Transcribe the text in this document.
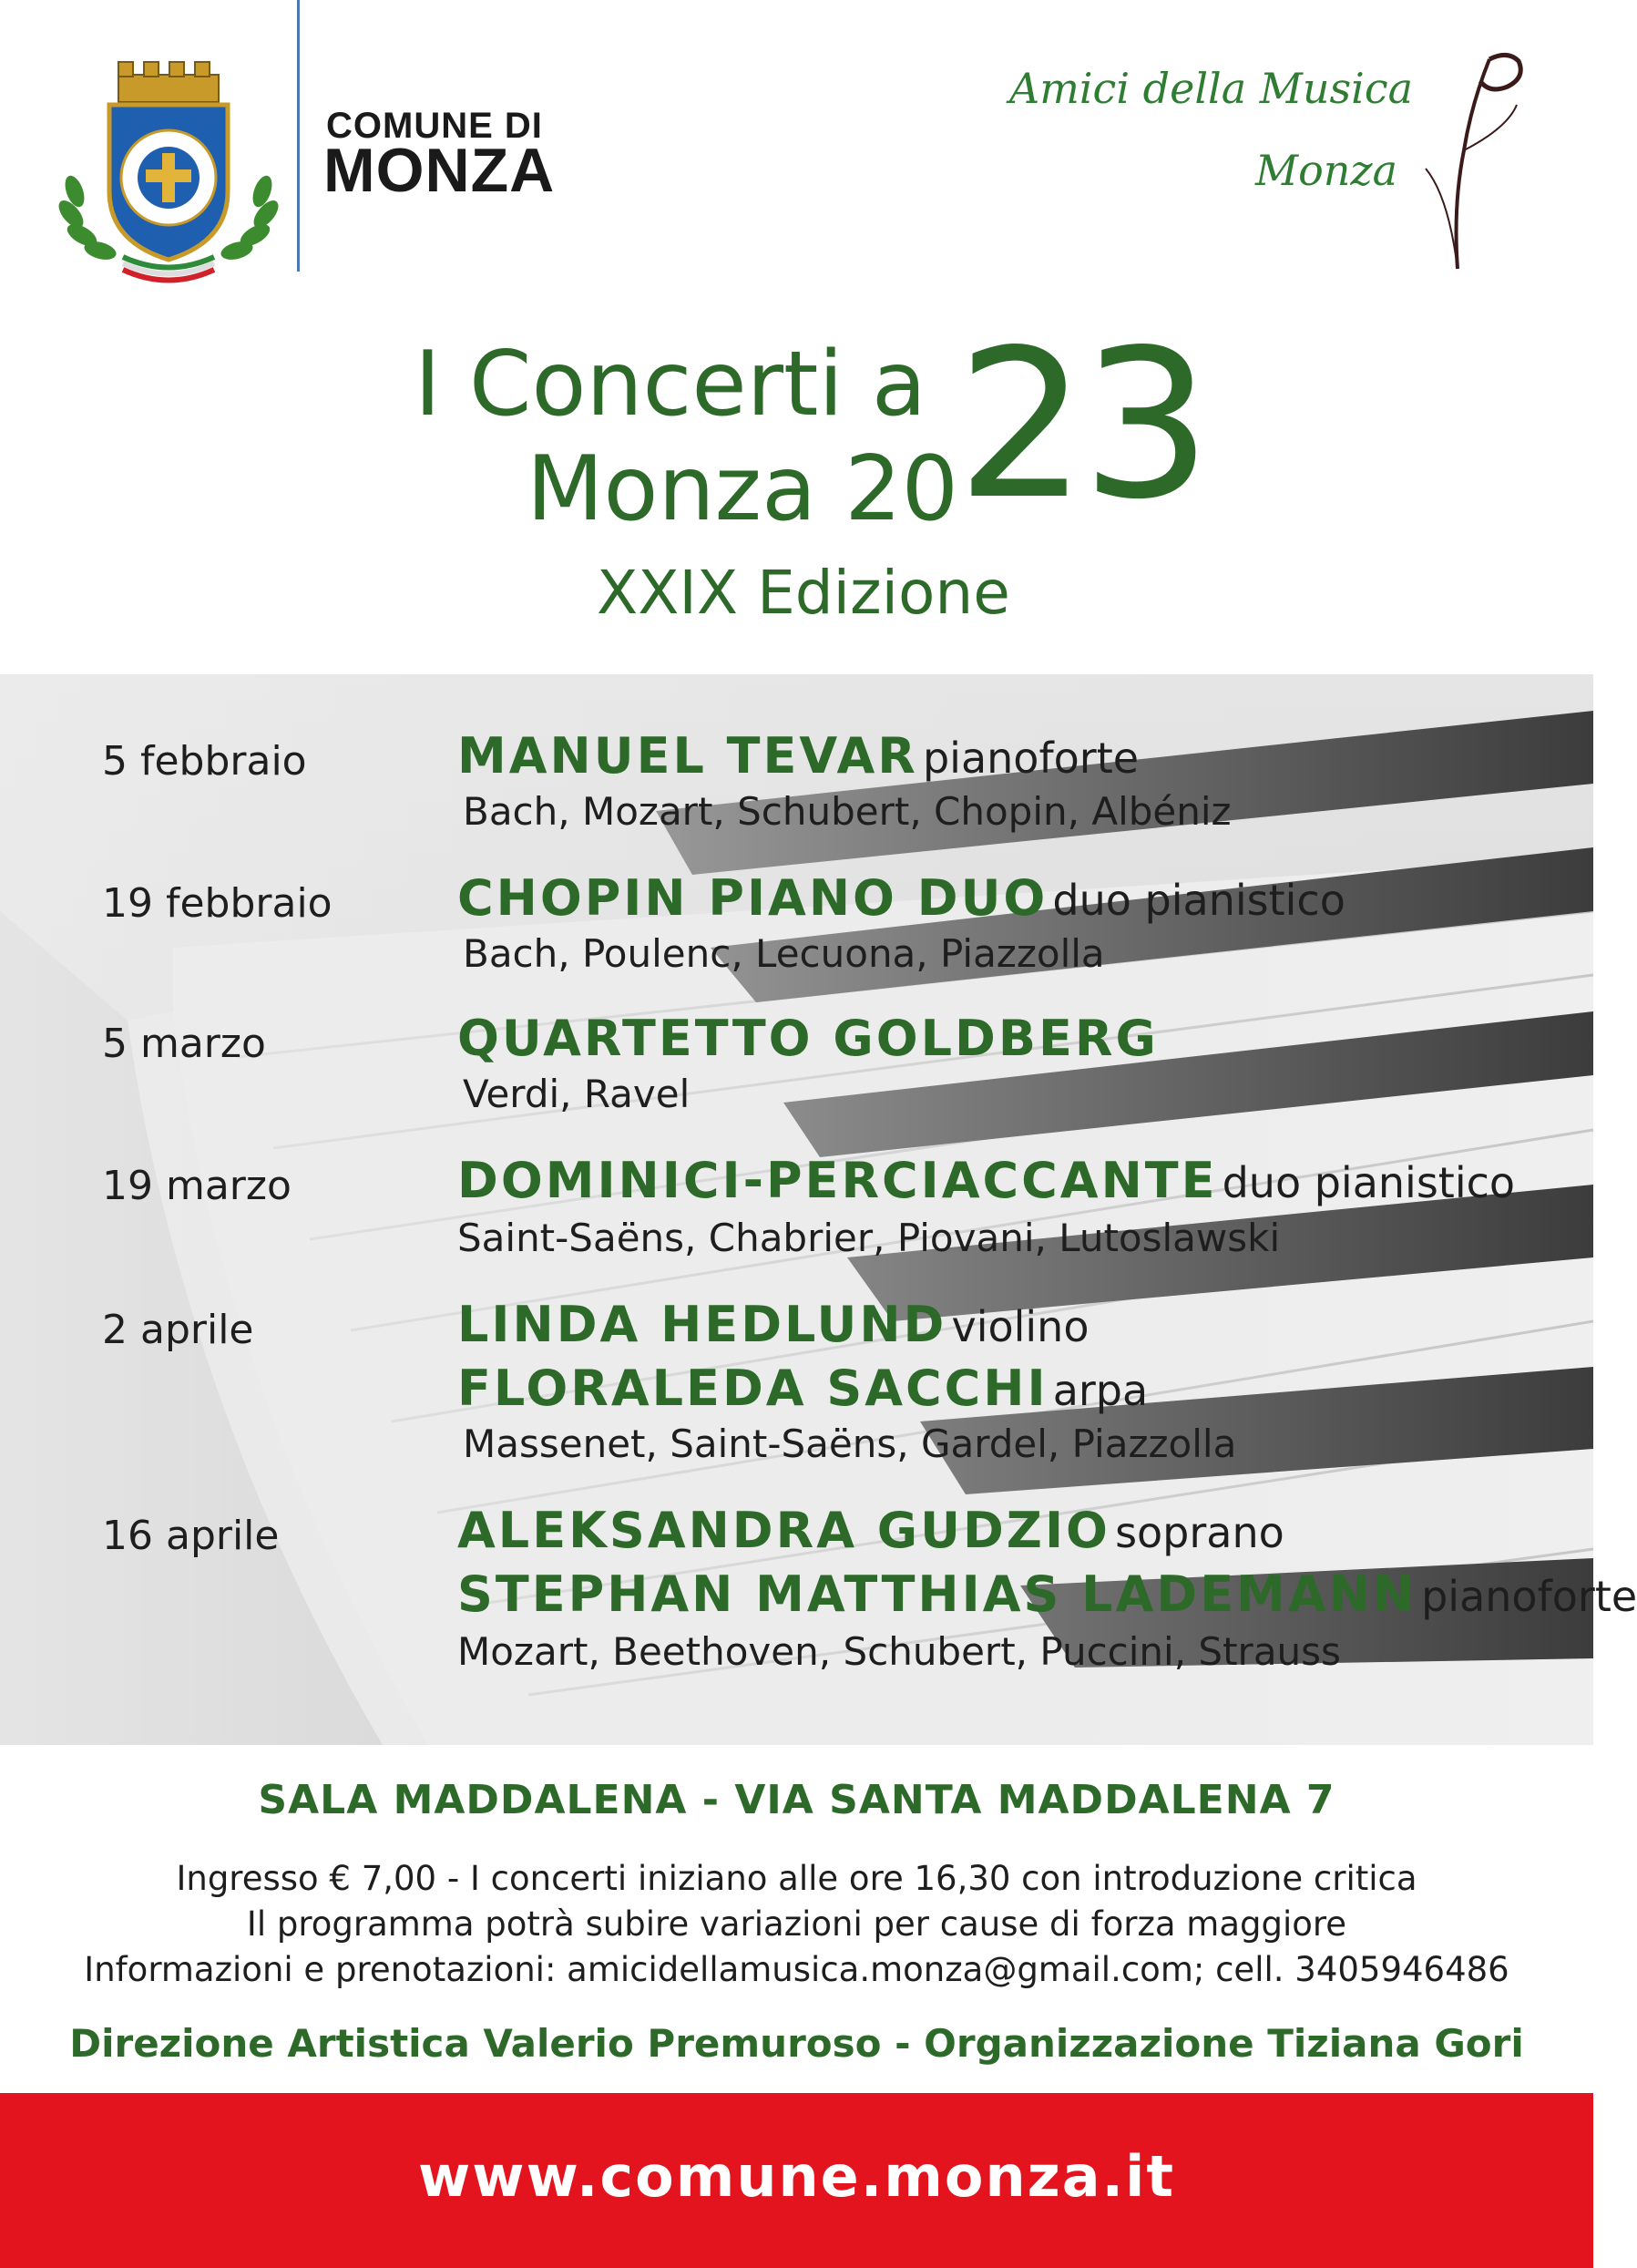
COMUNE DI
MONZA
Amici della Musica
Monza
I Concerti a
Monza 20
23
XXIX Edizione
5 febbraio	MANUEL TEVAR pianoforte
Bach, Mozart, Schubert, Chopin, Albéniz
19 febbraio	CHOPIN PIANO DUO duo pianistico
Bach, Poulenc, Lecuona, Piazzolla
5 marzo	QUARTETTO GOLDBERG
Verdi, Ravel
19 marzo	DOMINICI-PERCIACCANTE duo pianistico
Saint-Saëns, Chabrier, Piovani, Lutoslawski
2 aprile	LINDA HEDLUND violino
FLORALEDA SACCHI arpa
Massenet, Saint-Saëns, Gardel, Piazzolla
16 aprile	ALEKSANDRA GUDZIO soprano
STEPHAN MATTHIAS LADEMANN pianoforte
Mozart, Beethoven, Schubert, Puccini, Strauss
SALA MADDALENA - VIA SANTA MADDALENA 7
Ingresso € 7,00 - I concerti iniziano alle ore 16,30 con introduzione critica
Il programma potrà subire variazioni per cause di forza maggiore
Informazioni e prenotazioni: amicidellamusica.monza@gmail.com; cell. 3405946486
Direzione Artistica Valerio Premuroso - Organizzazione Tiziana Gori
www.comune.monza.it
